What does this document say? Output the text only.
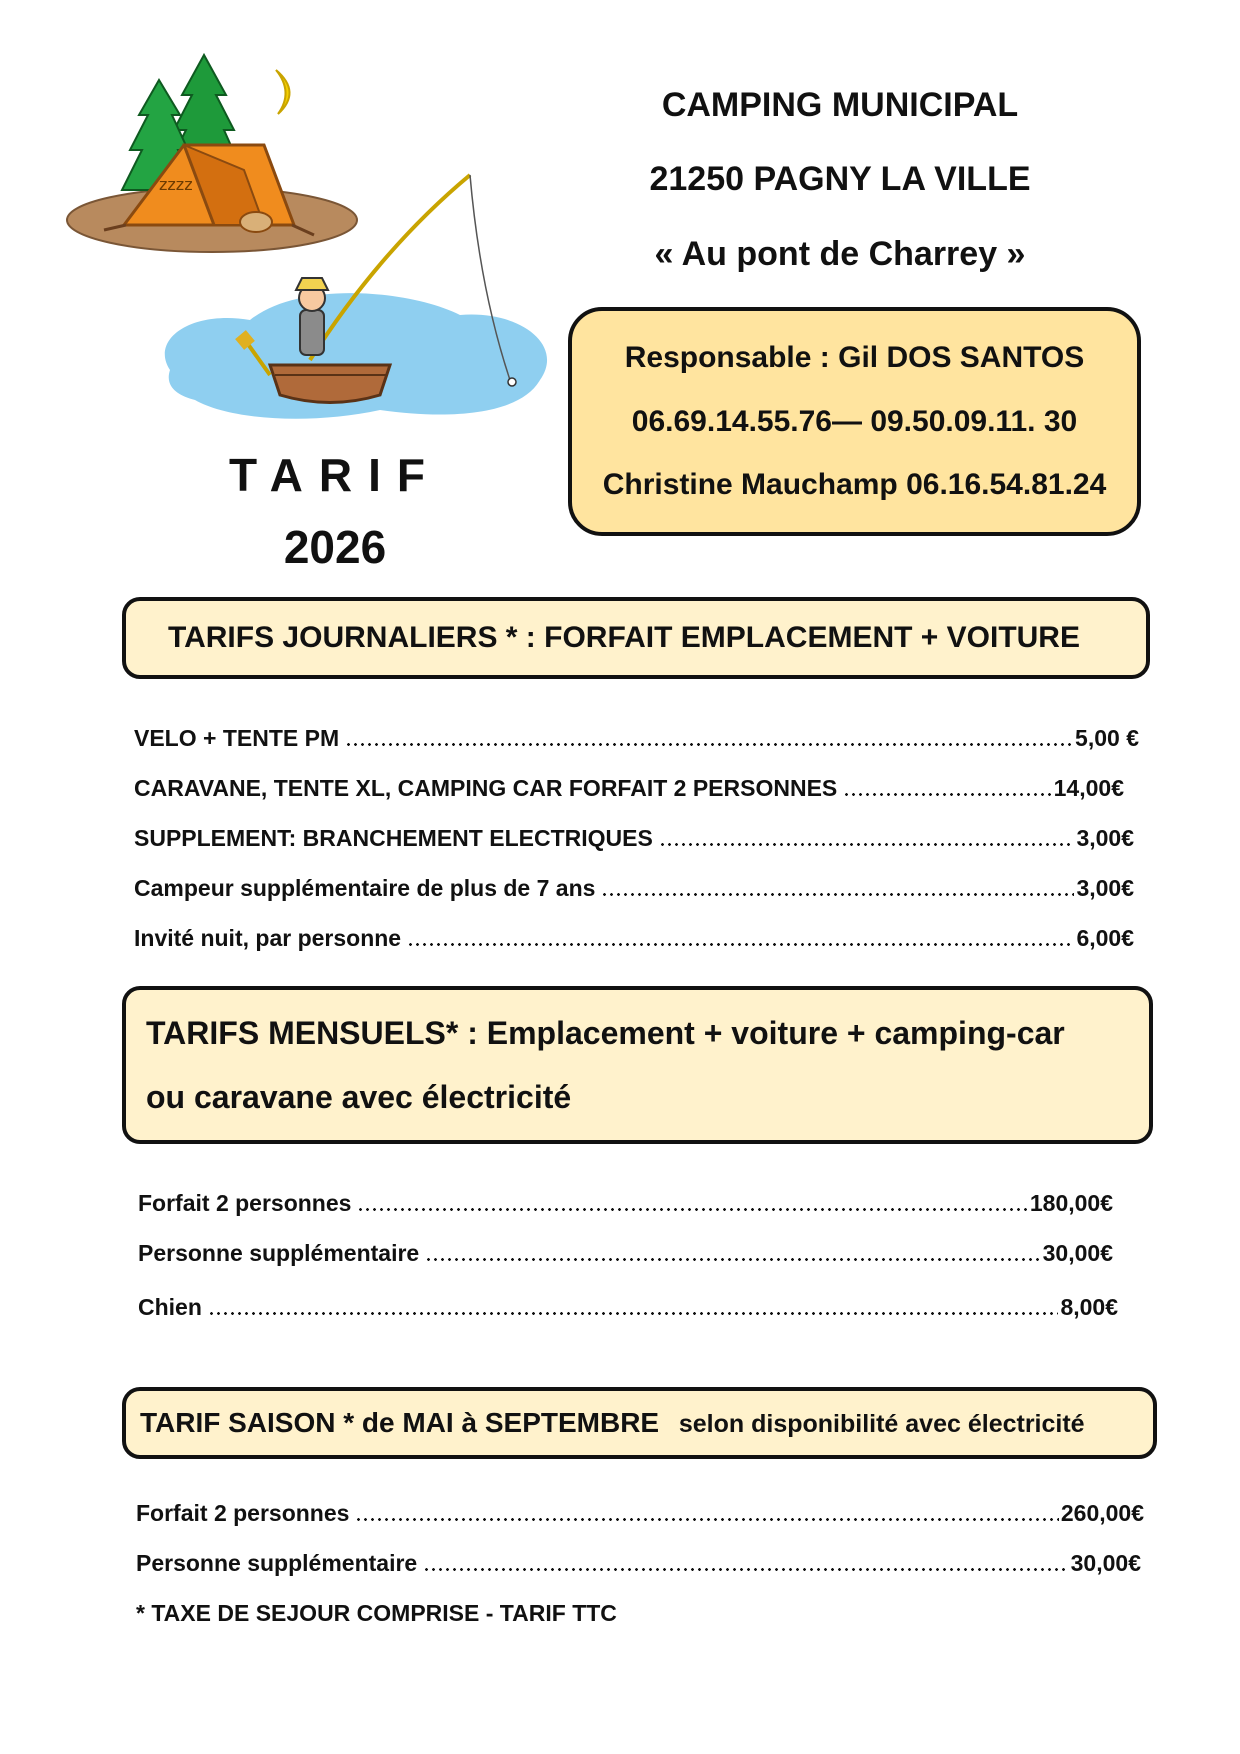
zzzz
CAMPING MUNICIPAL
21250 PAGNY LA VILLE
« Au pont de Charrey »
TARIF
2026
Responsable : Gil DOS SANTOS
06.69.14.55.76— 09.50.09.11. 30
Christine Mauchamp 06.16.54.81.24
TARIFS JOURNALIERS * : FORFAIT EMPLACEMENT + VOITURE
VELO + TENTE PM	5,00 €
CARAVANE, TENTE XL, CAMPING CAR FORFAIT 2 PERSONNES	14,00€
SUPPLEMENT: BRANCHEMENT ELECTRIQUES	3,00€
Campeur supplémentaire de plus de 7 ans	3,00€
Invité nuit, par personne	6,00€
TARIFS MENSUELS* : Emplacement + voiture + camping-car
ou caravane avec électricité
Forfait 2 personnes	180,00€
Personne supplémentaire	30,00€
Chien	8,00€
TARIF SAISON * de MAI à SEPTEMBRE selon disponibilité avec électricité
Forfait 2 personnes	260,00€
Personne supplémentaire	30,00€
* TAXE DE SEJOUR COMPRISE - TARIF TTC
